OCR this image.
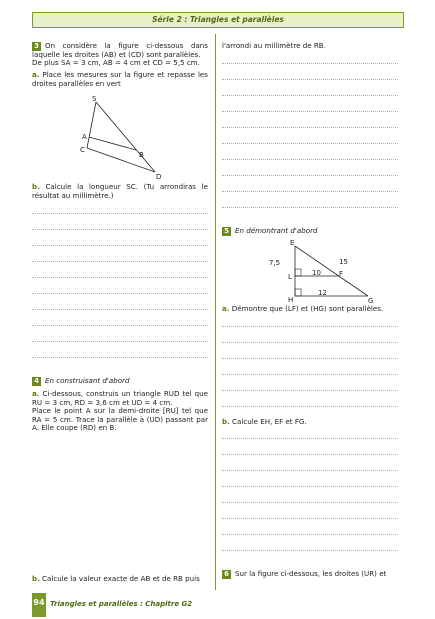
Série 2 : Triangles et parallèles
3 On considère la figure ci-dessous dans laquelle les droites (AB) et (CD) sont parallèles.
De plus SA = 3 cm, AB = 4 cm et CD = 5,5 cm.
a. Place les mesures sur la figure et repasse les droites parallèles en vert
S
A
C
B
D
b. Calcule la longueur SC. (Tu arrondiras le résultat au millimètre.)
4 En construisant d'abord
a. Ci-dessous, construis un triangle RUD tel que RU = 3 cm, RD = 3,6 cm et UD = 4 cm.
Place le point A sur la demi-droite [RU] tel que RA = 5 cm. Trace la parallèle à (UD) passant par A. Elle coupe (RD) en B.
b. Calcule la valeur exacte de AB et de RB puis
l'arrondi au millimètre de RB.
5 En démontrant d'abord
E
L	F
H	G
7,5
10
15
12
a. Démontre que (LF) et (HG) sont parallèles.
b. Calcule EH, EF et FG.
6 Sur la figure ci-dessous, les droites (UR) et
94 Triangles et parallèles : Chapitre G2
